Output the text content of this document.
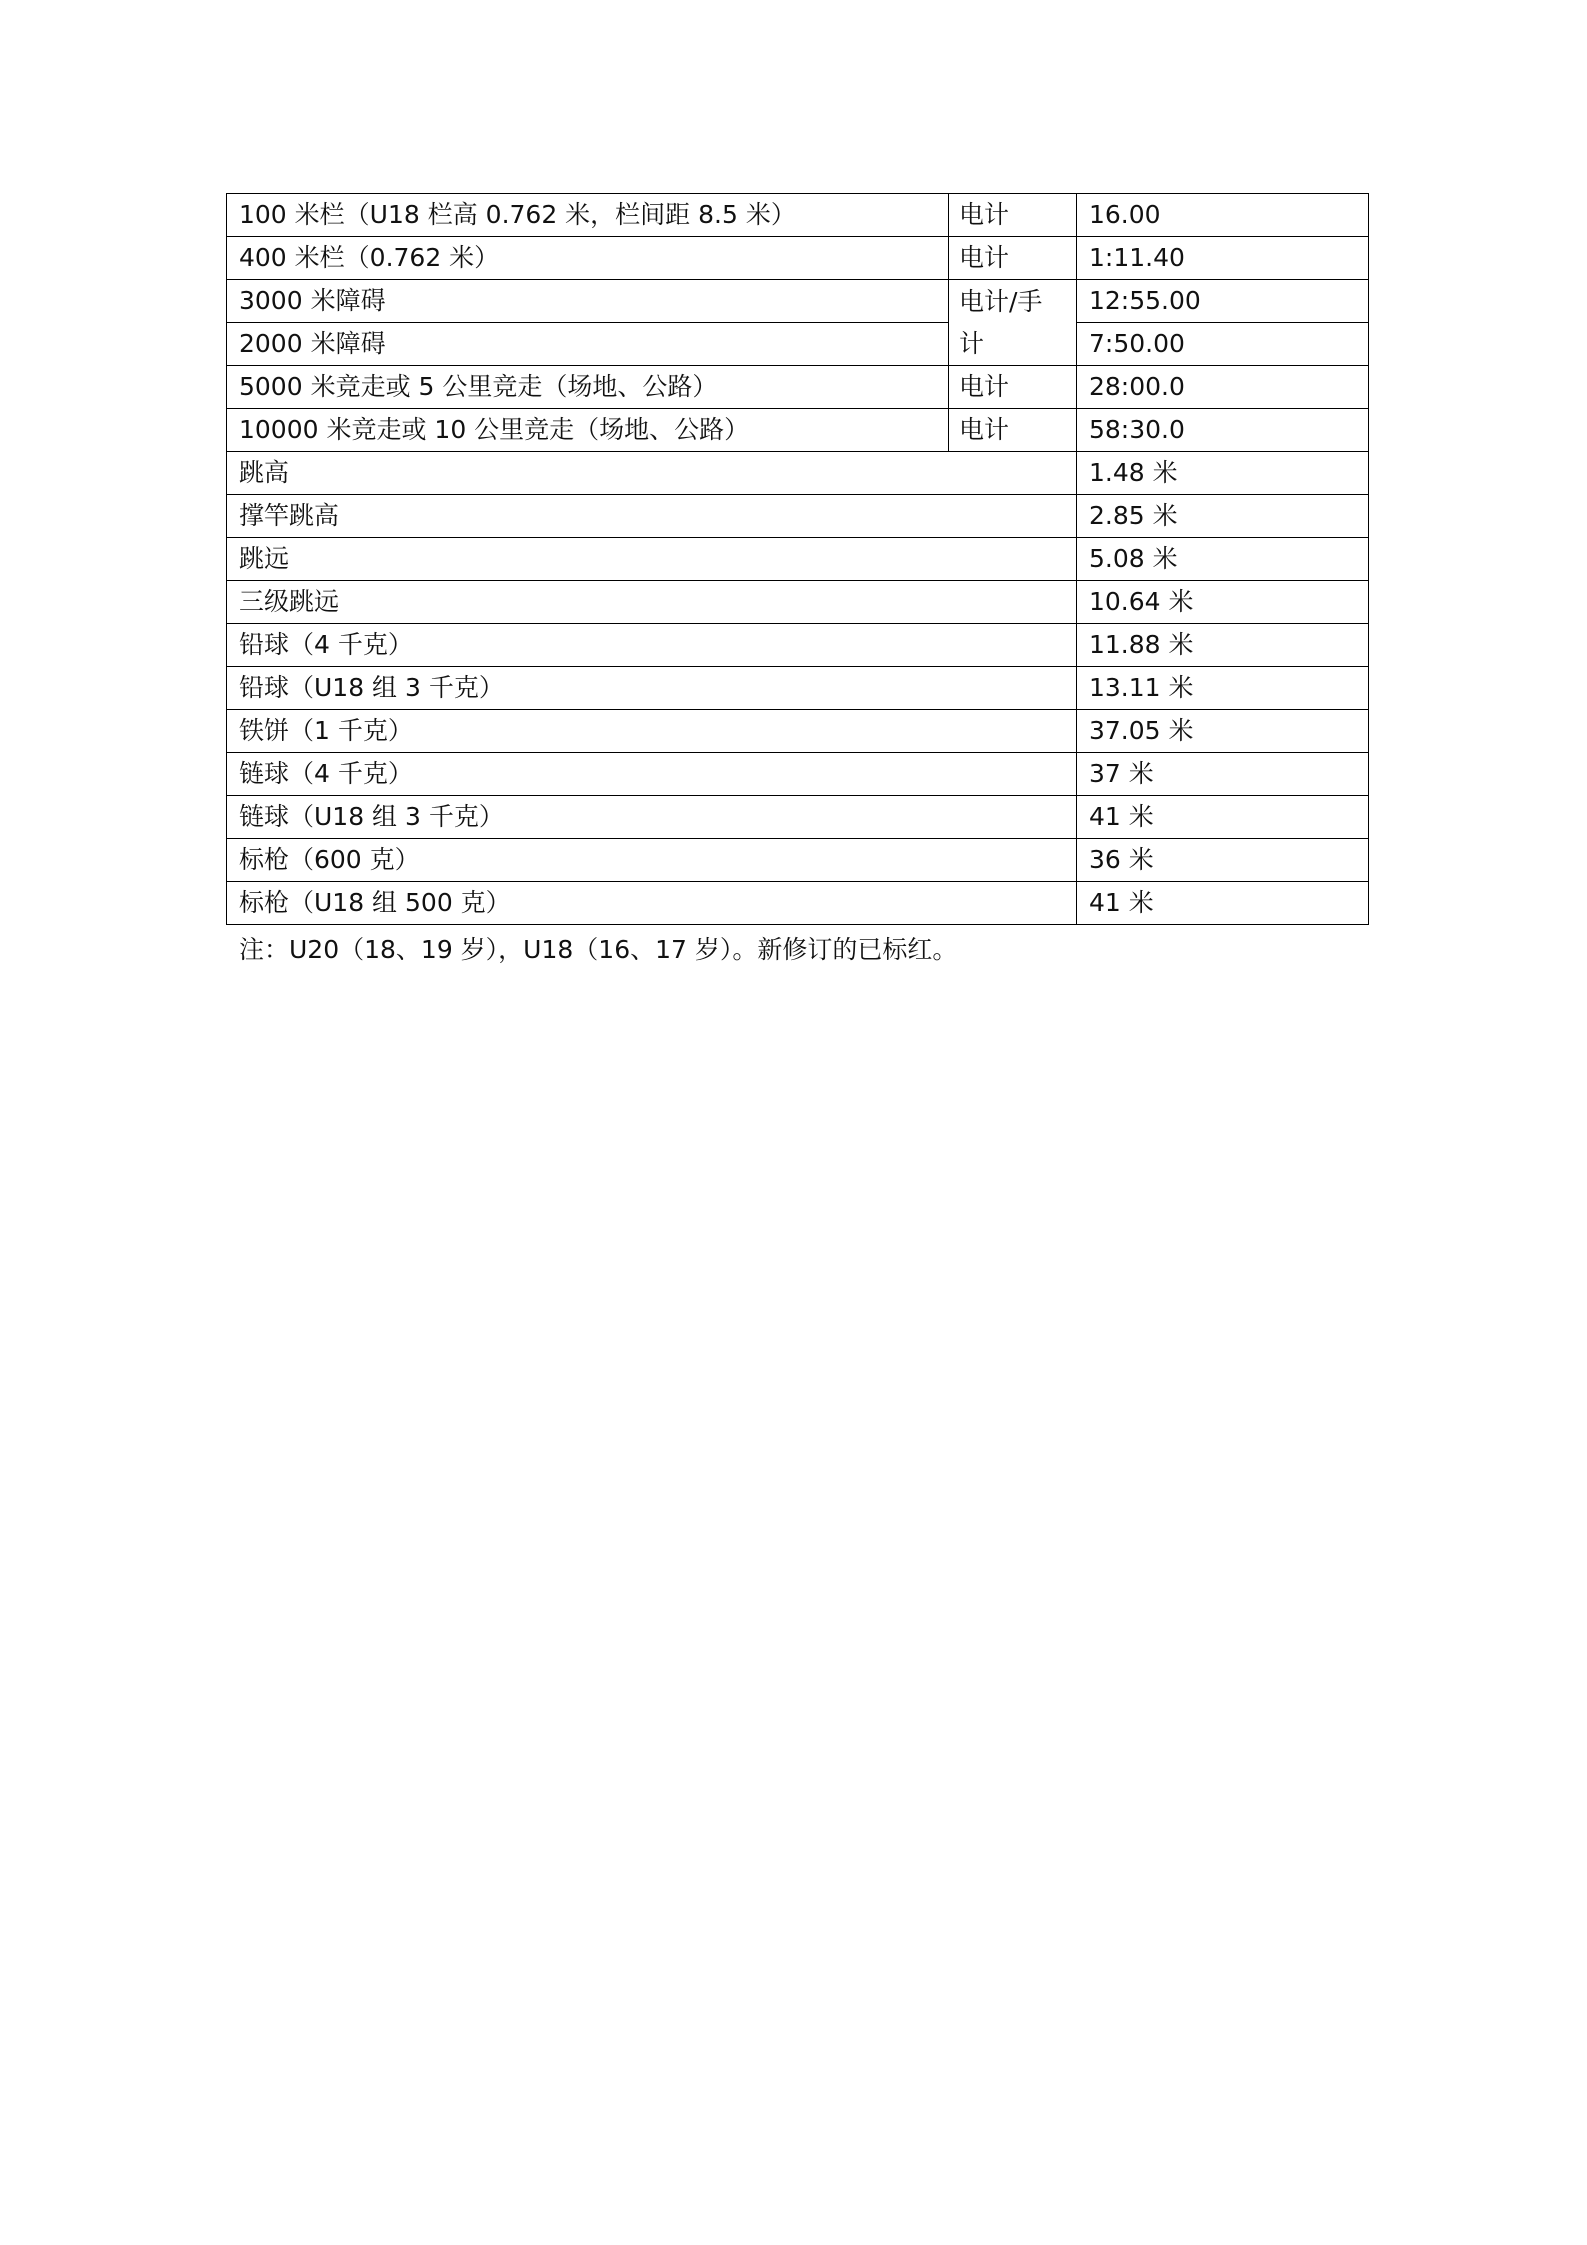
100 米栏（U18 栏高 0.762 米，栏间距 8.5 米）	电计	16.00
400 米栏（0.762 米）	电计	1:11.40
3000 米障碍	电计/手计	12:55.00
2000 米障碍		7:50.00
5000 米竞走或 5 公里竞走（场地、公路）	电计	28:00.0
10000 米竞走或 10 公里竞走（场地、公路）	电计	58:30.0
跳高		1.48 米
撑竿跳高		2.85 米
跳远		5.08 米
三级跳远		10.64 米
铅球（4 千克）		11.88 米
铅球（U18 组 3 千克）		13.11 米
铁饼（1 千克）		37.05 米
链球（4 千克）		37 米
链球（U18 组 3 千克）		41 米
标枪（600 克）		36 米
标枪（U18 组 500 克）		41 米
注：U20（18、19 岁），U18（16、17 岁）。新修订的已标红。
